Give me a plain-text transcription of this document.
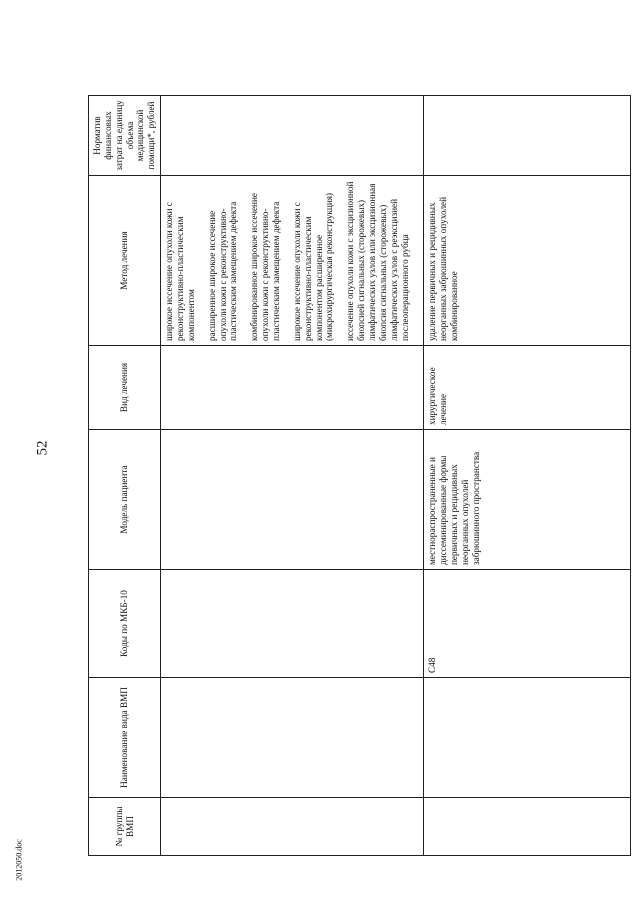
52
2012050.doc
№ группы ВМП	Наименование вида ВМП	Коды по МКБ-10	Модель пациента	Вид лечения	Метод лечения	Норматив финансовых затрат на единицу объема медицинской помощи*, рублей

					широкое иссечение опухоли кожи с реконструктивно-пластическим компонентом расширенное широкое иссечение опухоли кожи с реконструктивно-пластическим замещением дефекта комбинированное широкое иссечение опухоли кожи с реконструктивно-пластическим замещением дефекта широкое иссечение опухоли кожи с реконструктивно-пластическим компонентом расширенное (микрохирургическая реконструкция) иссечение опухоли кожи с эксцизионной биопсией сигнальных (сторожевых) лимфатических узлов или эксцизионная биопсия сигнальных (сторожевых) лимфатических узлов с реэксцизией послеоперационного рубца	

		C48	местнораспространенные и диссеминированные формы первичных и рецидивных неорганных опухолей забрюшинного пространства	хирургическое лечение	удаление первичных и рецидивных неорганных забрюшинных опухолей комбинированное	
